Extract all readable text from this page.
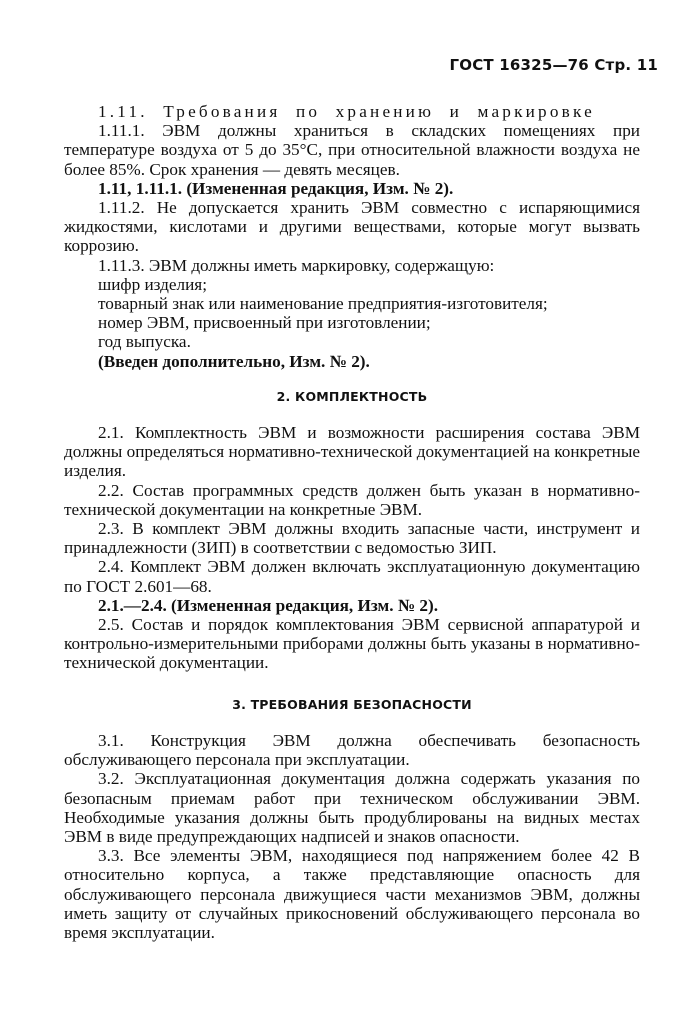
ГОСТ 16325—76 Стр. 11

1.11. Требования по хранению и маркировке

1.11.1. ЭВМ должны храниться в складских помещениях при температуре воздуха от 5 до 35°С, при относительной влажности воздуха не более 85%. Срок хранения — девять месяцев.

1.11, 1.11.1. (Измененная редакция, Изм. № 2).

1.11.2. Не допускается хранить ЭВМ совместно с испаряющимися жидкостями, кислотами и другими веществами, которые могут вызвать коррозию.

1.11.3. ЭВМ должны иметь маркировку, содержащую:

шифр изделия;

товарный знак или наименование предприятия-изготовителя;

номер ЭВМ, присвоенный при изготовлении;

год выпуска.

(Введен дополнительно, Изм. № 2).

2. КОМПЛЕКТНОСТЬ

2.1. Комплектность ЭВМ и возможности расширения состава ЭВМ должны определяться нормативно-технической документацией на конкретные изделия.

2.2. Состав программных средств должен быть указан в нормативно-технической документации на конкретные ЭВМ.

2.3. В комплект ЭВМ должны входить запасные части, инструмент и принадлежности (ЗИП) в соответствии с ведомостью ЗИП.

2.4. Комплект ЭВМ должен включать эксплуатационную документацию по ГОСТ 2.601—68.

2.1.—2.4. (Измененная редакция, Изм. № 2).

2.5. Состав и порядок комплектования ЭВМ сервисной аппаратурой и контрольно-измерительными приборами должны быть указаны в нормативно-технической документации.

3. ТРЕБОВАНИЯ БЕЗОПАСНОСТИ

3.1. Конструкция ЭВМ должна обеспечивать безопасность обслуживающего персонала при эксплуатации.

3.2. Эксплуатационная документация должна содержать указания по безопасным приемам работ при техническом обслуживании ЭВМ. Необходимые указания должны быть продублированы на видных местах ЭВМ в виде предупреждающих надписей и знаков опасности.

3.3. Все элементы ЭВМ, находящиеся под напряжением более 42 В относительно корпуса, а также представляющие опасность для обслуживающего персонала движущиеся части механизмов ЭВМ, должны иметь защиту от случайных прикосновений обслуживающего персонала во время эксплуатации.
